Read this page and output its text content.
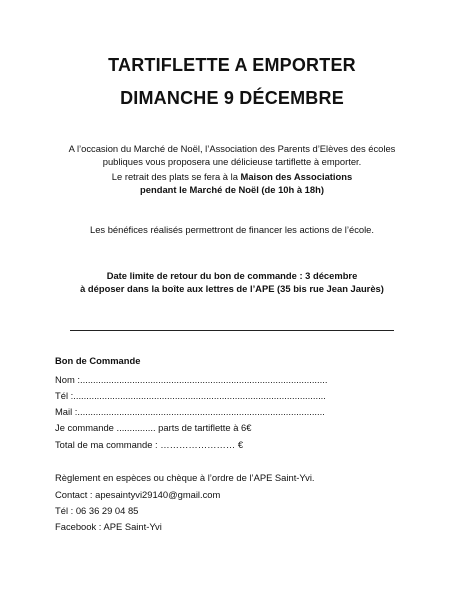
TARTIFLETTE A EMPORTER
DIMANCHE 9 DÉCEMBRE
A l’occasion du Marché de Noël, l’Association des Parents d’Elèves des écoles
publiques vous proposera une délicieuse tartiflette à emporter.
Le retrait des plats se fera à la Maison des Associations
pendant le Marché de Noël (de 10h à 18h)
Les bénéfices réalisés permettront de financer les actions de l’école.
Date limite de retour du bon de commande : 3 décembre
à déposer dans la boîte aux lettres de l’APE (35 bis rue Jean Jaurès)
Bon de Commande
Nom :...............................................................................................
Tél :.................................................................................................
Mail :...............................................................................................
Je commande ............... parts de tartiflette à 6€
Total de ma commande : …………………… €
Règlement en espèces ou chèque à l’ordre de l’APE Saint-Yvi.
Contact : apesaintyvi29140@gmail.com
Tél : 06 36 29 04 85
Facebook : APE Saint-Yvi
